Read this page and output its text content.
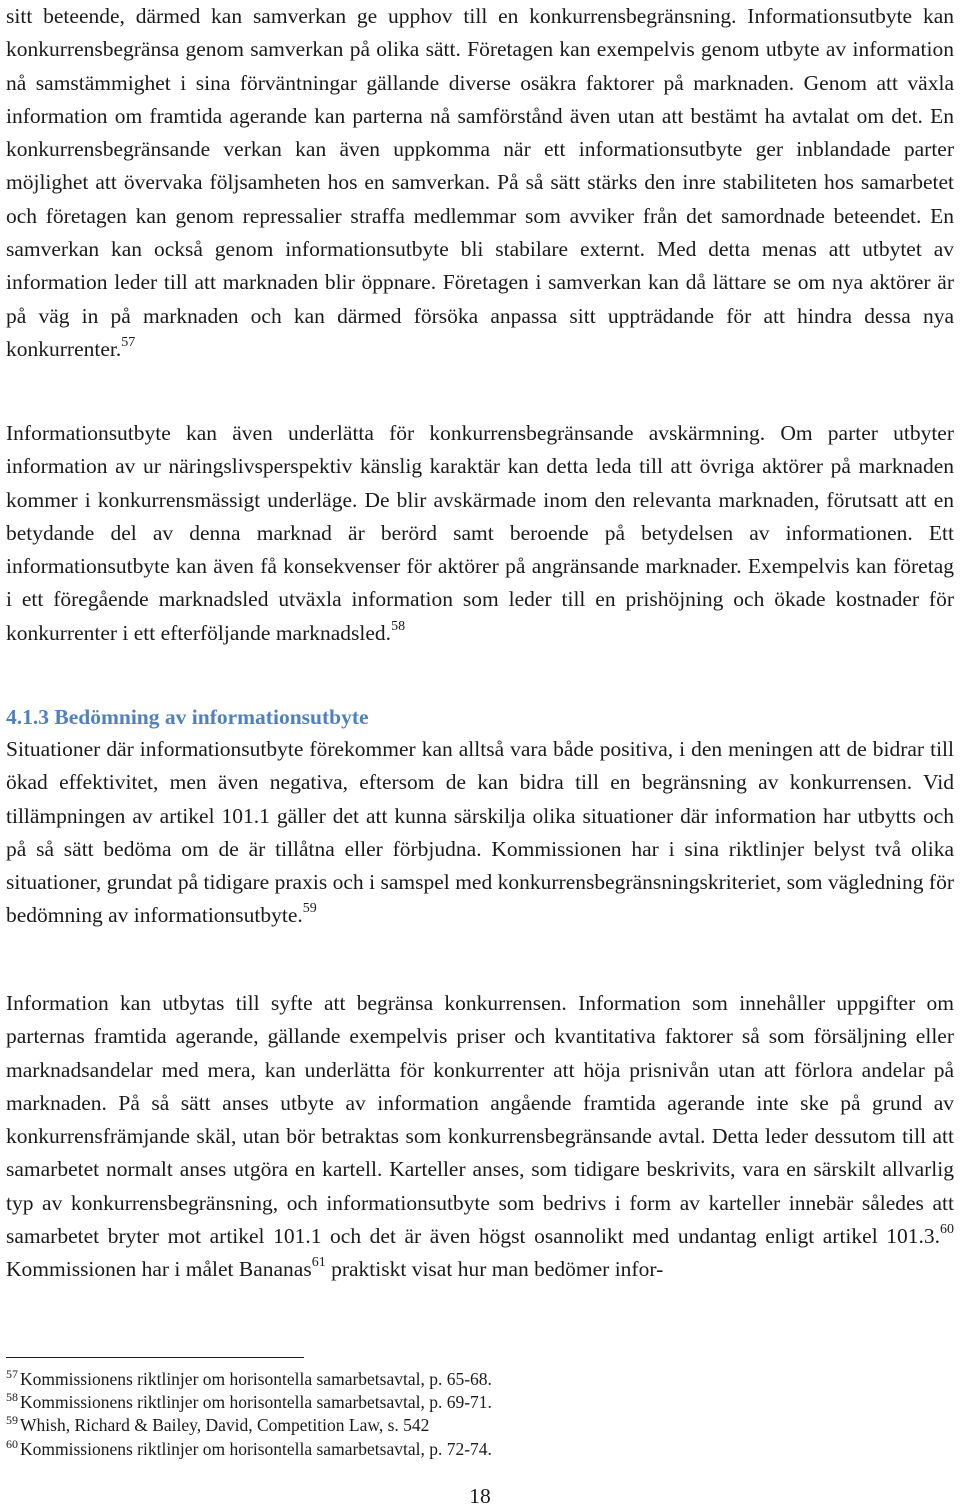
sitt beteende, därmed kan samverkan ge upphov till en konkurrensbegränsning. Informationsutbyte kan konkurrensbegränsa genom samverkan på olika sätt. Företagen kan exempelvis genom utbyte av information nå samstämmighet i sina förväntningar gällande diverse osäkra faktorer på marknaden. Genom att växla information om framtida agerande kan parterna nå samförstånd även utan att bestämt ha avtalat om det. En konkurrensbegränsande verkan kan även uppkomma när ett informationsutbyte ger inblandade parter möjlighet att övervaka följsamheten hos en samverkan. På så sätt stärks den inre stabiliteten hos samarbetet och företagen kan genom repressalier straffa medlemmar som avviker från det samordnade beteendet. En samverkan kan också genom informationsutbyte bli stabilare externt. Med detta menas att utbytet av information leder till att marknaden blir öppnare. Företagen i samverkan kan då lättare se om nya aktörer är på väg in på marknaden och kan därmed försöka anpassa sitt uppträdande för att hindra dessa nya konkurrenter.$^{57}$

Informationsutbyte kan även underlätta för konkurrensbegränsande avskärmning. Om parter utbyter information av ur näringslivsperspektiv känslig karaktär kan detta leda till att övriga aktörer på marknaden kommer i konkurrensmässigt underläge. De blir avskärmade inom den relevanta marknaden, förutsatt att en betydande del av denna marknad är berörd samt beroende på betydelsen av informationen. Ett informationsutbyte kan även få konsekvenser för aktörer på angränsande marknader. Exempelvis kan företag i ett föregående marknadsled utväxla information som leder till en prishöjning och ökade kostnader för konkurrenter i ett efterföljande marknadsled.$^{58}$

4.1.3 Bedömning av informationsutbyte

Situationer där informationsutbyte förekommer kan alltså vara både positiva, i den meningen att de bidrar till ökad effektivitet, men även negativa, eftersom de kan bidra till en begränsning av konkurrensen. Vid tillämpningen av artikel 101.1 gäller det att kunna särskilja olika situationer där information har utbytts och på så sätt bedöma om de är tillåtna eller förbjudna. Kommissionen har i sina riktlinjer belyst två olika situationer, grundat på tidigare praxis och i samspel med konkurrensbegränsningskriteriet, som vägledning för bedömning av informationsutbyte.$^{59}$

Information kan utbytas till syfte att begränsa konkurrensen. Information som innehåller uppgifter om parternas framtida agerande, gällande exempelvis priser och kvantitativa faktorer så som försäljning eller marknadsandelar med mera, kan underlätta för konkurrenter att höja prisnivån utan att förlora andelar på marknaden. På så sätt anses utbyte av information angående framtida agerande inte ske på grund av konkurrensfrämjande skäl, utan bör betraktas som konkurrensbegränsande avtal. Detta leder dessutom till att samarbetet normalt anses utgöra en kartell. Karteller anses, som tidigare beskrivits, vara en särskilt allvarlig typ av konkurrensbegränsning, och informationsutbyte som bedrivs i form av karteller innebär således att samarbetet bryter mot artikel 101.1 och det är även högst osannolikt med undantag enligt artikel 101.3.60 Kommissionen har i målet Bananas$^{61}$ praktiskt visat hur man bedömer infor-

$^{57}$ Kommissionens riktlinjer om horisontella samarbetsavtal, p. 65-68.
$^{58}$ Kommissionens riktlinjer om horisontella samarbetsavtal, p. 69-71.
$^{59}$ Whish, Richard & Bailey, David, Competition Law, s. 542
$^{60}$ Kommissionens riktlinjer om horisontella samarbetsavtal, p. 72-74.

18
